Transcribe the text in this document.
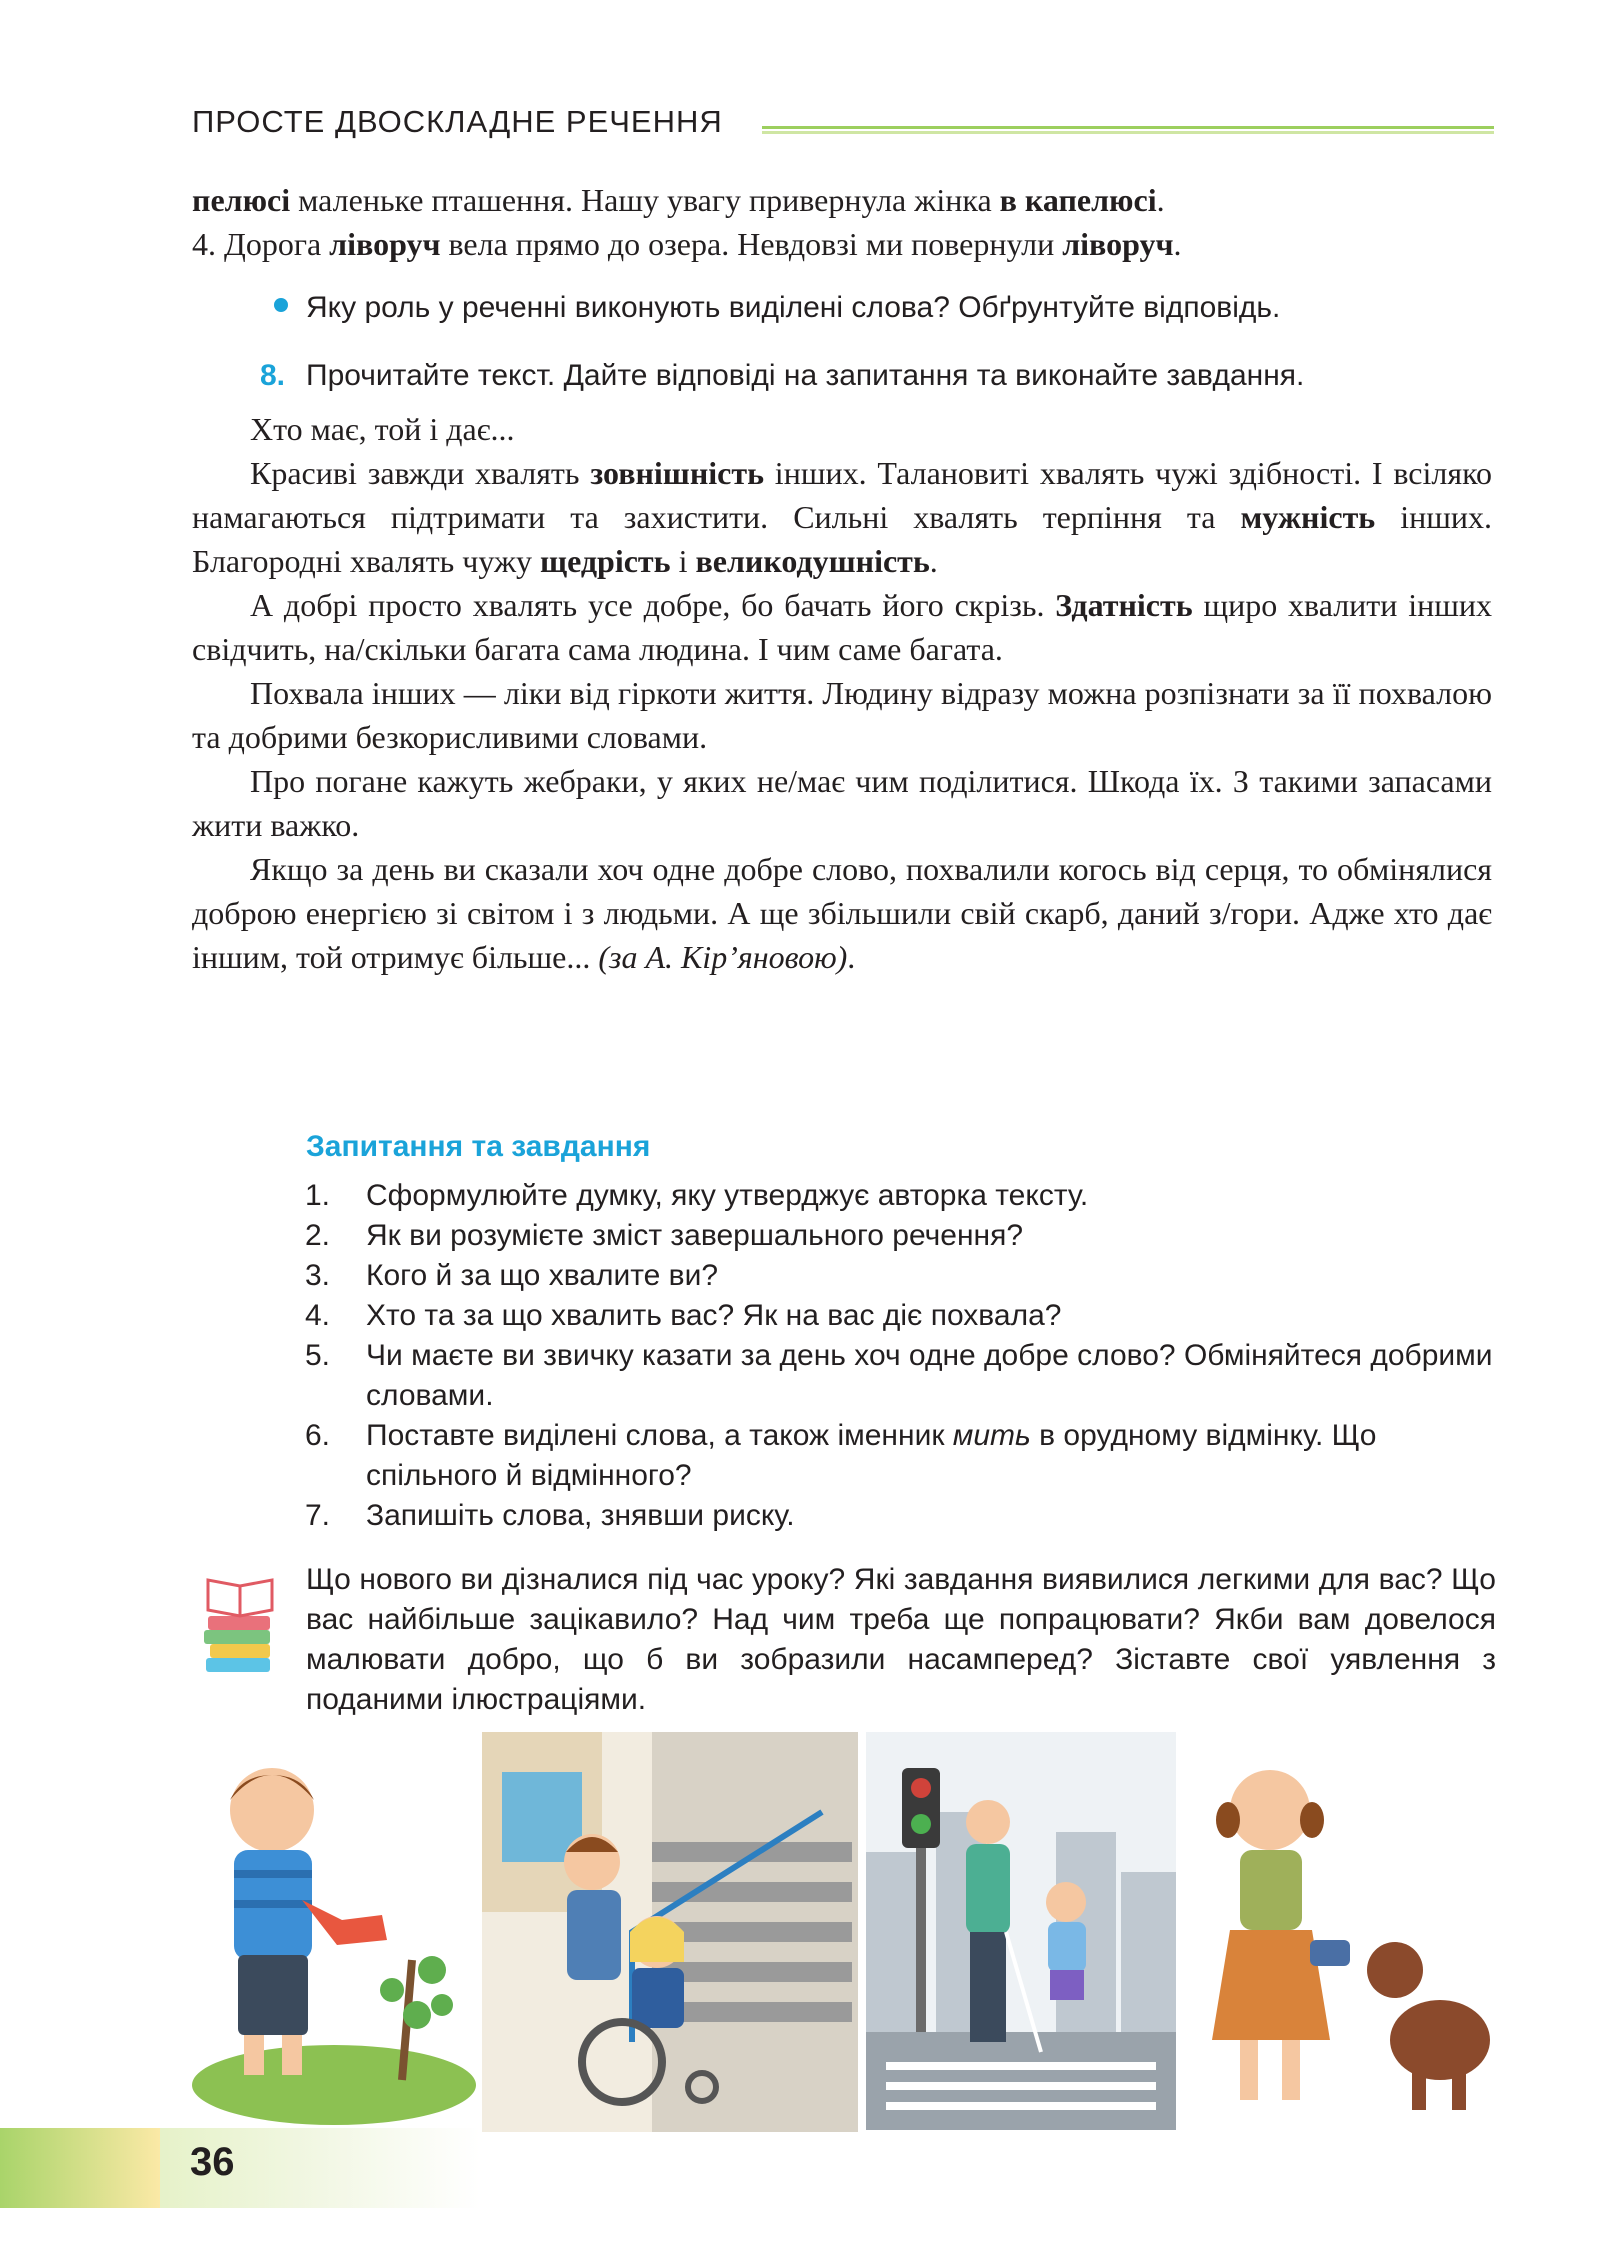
ПРОСТЕ ДВОСКЛАДНЕ РЕЧЕННЯ

пелюсі маленьке пташення. Нашу увагу привернула жінка в капелюсі.

4. Дорога ліворуч вела прямо до озера. Невдовзі ми повернули ліворуч.

Яку роль у реченні виконують виділені слова? Обґрунтуйте відповідь.
8. Прочитайте текст. Дайте відповіді на запитання та виконайте завдання.

Хто має, той і дає...

Красиві завжди хвалять зовнішність інших. Талановиті хвалять чужі здібності. І всіляко намагаються підтримати та захистити. Сильні хвалять терпіння та мужність інших. Благородні хвалять чужу щедрість і великодушність.

А добрі просто хвалять усе добре, бо бачать його скрізь. Здатність щиро хвалити інших свідчить, на/скільки багата сама людина. І чим саме багата.

Похвала інших — ліки від гіркоти життя. Людину відразу можна розпізнати за її похвалою та добрими безкорисливими словами.

Про погане кажуть жебраки, у яких не/має чим поділитися. Шкода їх. З такими запасами жити важко.

Якщо за день ви сказали хоч одне добре слово, похвалили когось від серця, то обмінялися доброю енергією зі світом і з людьми. А ще збільшили свій скарб, даний з/гори. Адже хто дає іншим, той отримує більше... (за А. Кір’яновою).

Запитання та завдання
1. Сформулюйте думку, яку утверджує авторка тексту.
2. Як ви розумієте зміст завершального речення?
3. Кого й за що хвалите ви?
4. Хто та за що хвалить вас? Як на вас діє похвала?
5. Чи маєте ви звичку казати за день хоч одне добре слово? Обміняйтеся добрими словами.
6. Поставте виділені слова, а також іменник мить в орудному відмінку. Що спільного й відмінного?
7. Запишіть слова, знявши риску.
Що нового ви дізналися під час уроку? Які завдання виявилися легкими для вас? Що вас найбільше зацікавило? Над чим треба ще попрацювати? Якби вам довелося малювати добро, що б ви зобразили насамперед? Зіставте свої уявлення з поданими ілюстраціями.
36
